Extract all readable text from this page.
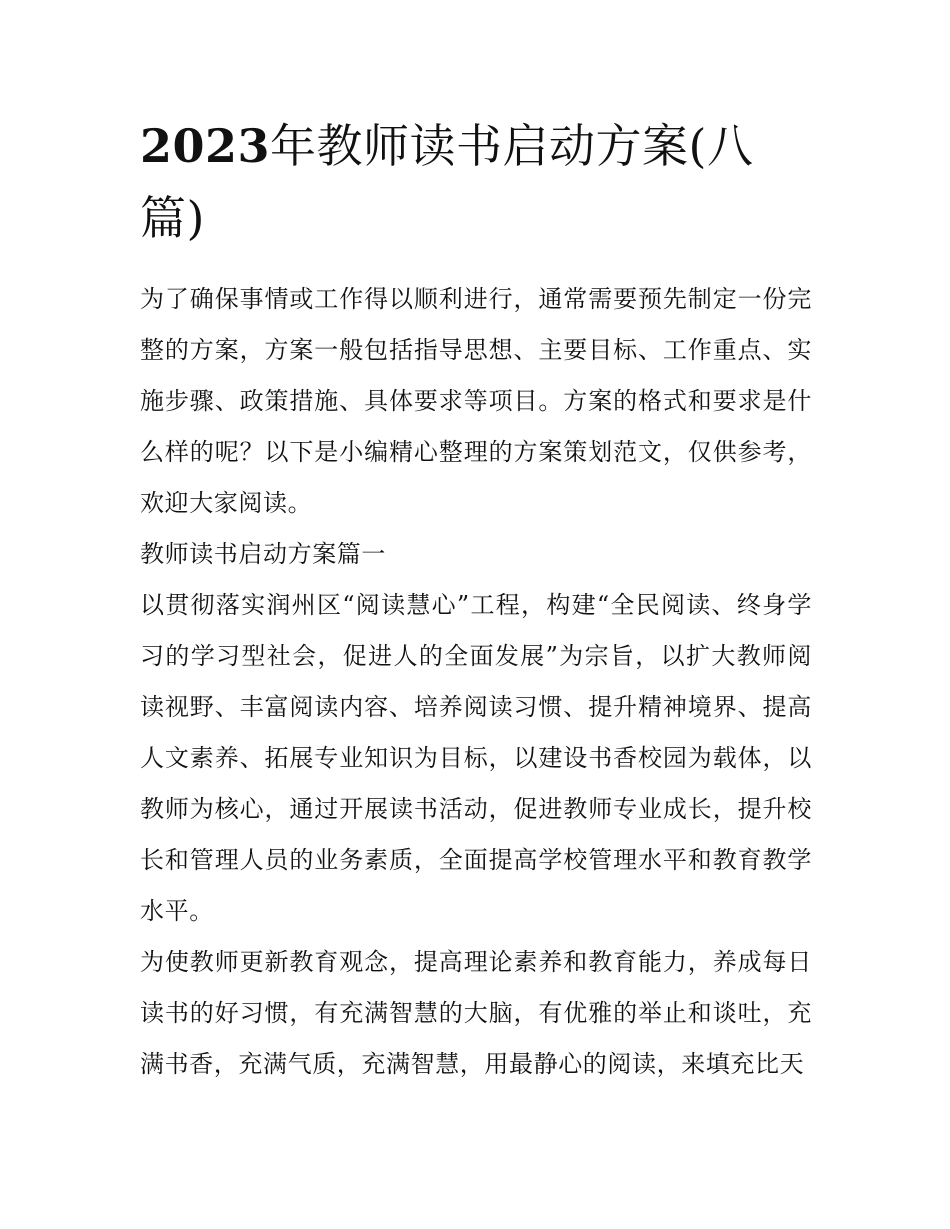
2023年教师读书启动方案(八篇)

为了确保事情或工作得以顺利进行，通常需要预先制定一份完整的方案，方案一般包括指导思想、主要目标、工作重点、实施步骤、政策措施、具体要求等项目。方案的格式和要求是什么样的呢？以下是小编精心整理的方案策划范文，仅供参考，欢迎大家阅读。

教师读书启动方案篇一

以贯彻落实润州区“阅读慧心”工程，构建“全民阅读、终身学习的学习型社会，促进人的全面发展”为宗旨，以扩大教师阅读视野、丰富阅读内容、培养阅读习惯、提升精神境界、提高人文素养、拓展专业知识为目标，以建设书香校园为载体，以教师为核心，通过开展读书活动，促进教师专业成长，提升校长和管理人员的业务素质，全面提高学校管理水平和教育教学水平。

为使教师更新教育观念，提高理论素养和教育能力，养成每日读书的好习惯，有充满智慧的大脑，有优雅的举止和谈吐，充满书香，充满气质，充满智慧，用最静心的阅读，来填充比天
